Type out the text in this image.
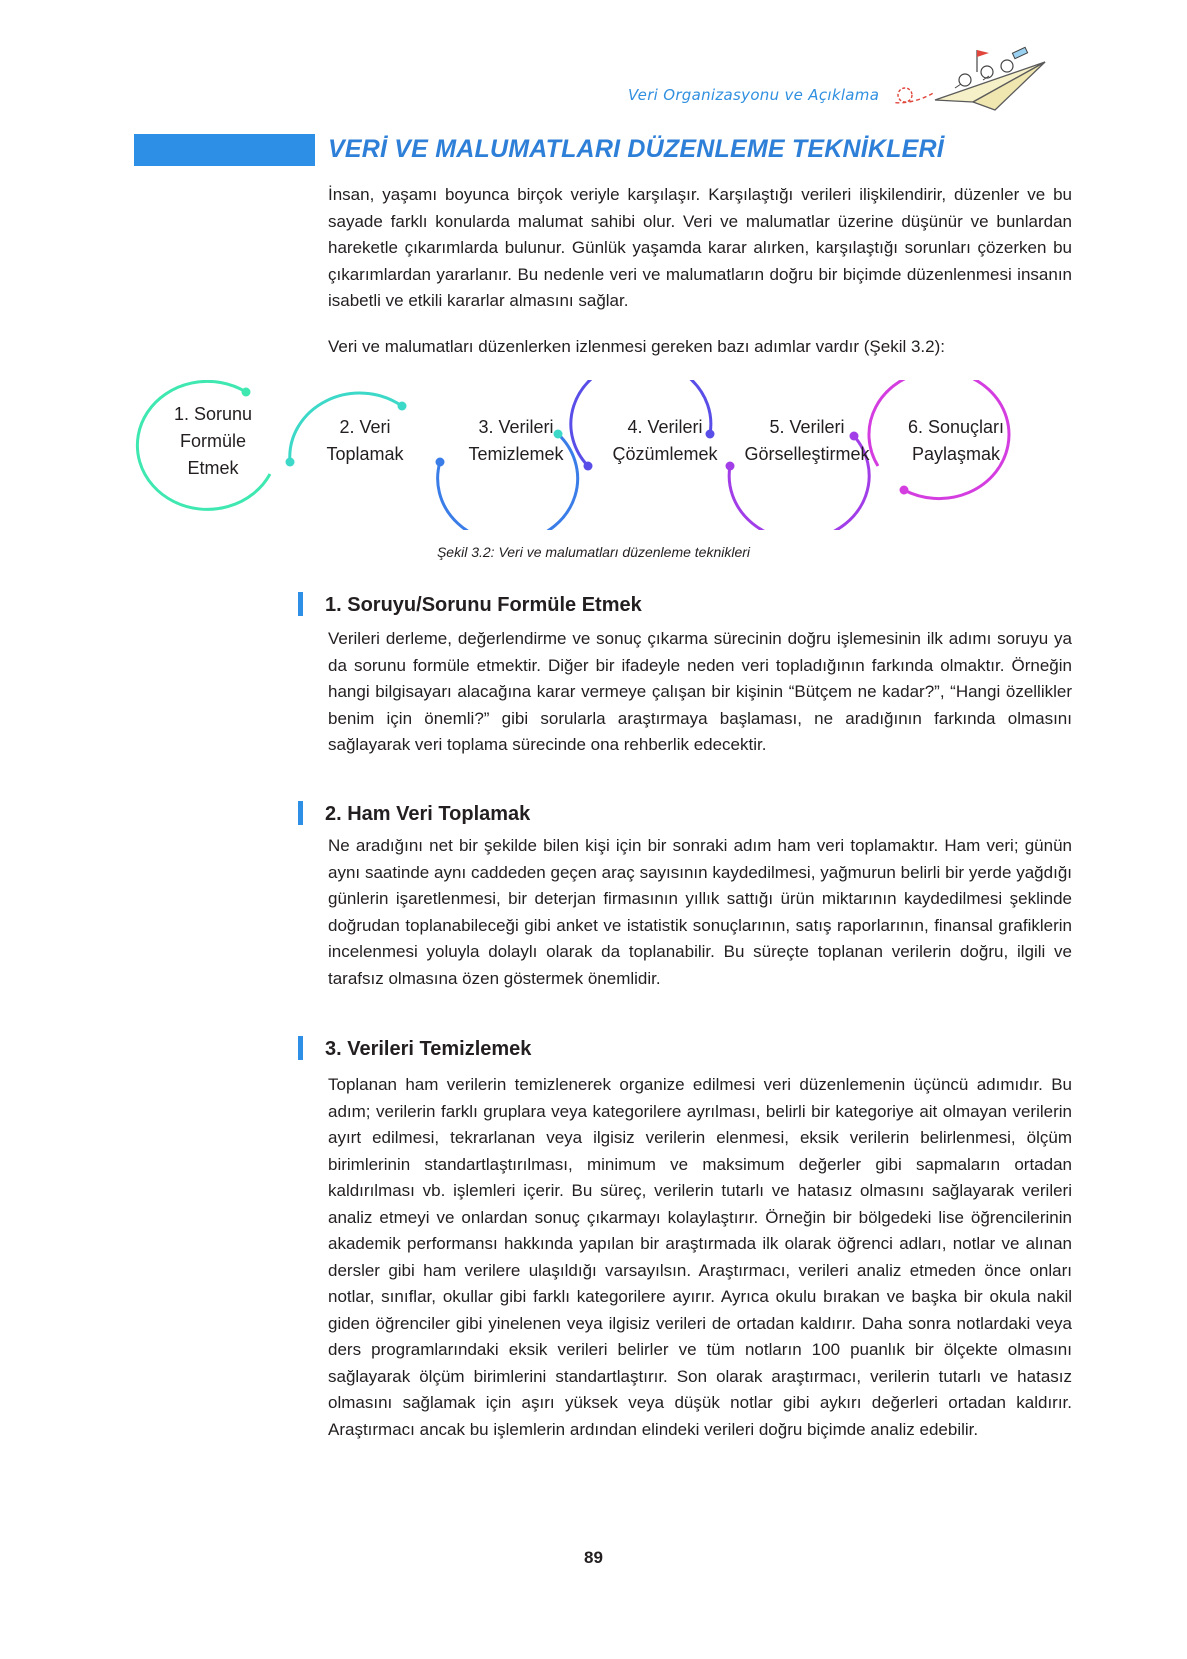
Veri Organizasyonu ve Açıklama
VERİ VE MALUMATLARI DÜZENLEME TEKNİKLERİ
İnsan, yaşamı boyunca birçok veriyle karşılaşır. Karşılaştığı verileri ilişkilendirir, düzenler ve bu sayade farklı konularda malumat sahibi olur. Veri ve malumatlar üzerine düşünür ve bunlardan hareketle çıkarımlarda bulunur. Günlük yaşamda karar alırken, karşılaştığı sorunları çözerken bu çıkarımlardan yararlanır. Bu nedenle veri ve malumatların doğru bir biçimde düzenlenmesi insanın isabetli ve etkili kararlar almasını sağlar.
Veri ve malumatları düzenlerken izlenmesi gereken bazı adımlar vardır (Şekil 3.2):
1. Sorunu
Formüle
Etmek
2. Veri
Toplamak
3. Verileri
Temizlemek
4. Verileri
Çözümlemek
5. Verileri
Görselleştirmek
6. Sonuçları
Paylaşmak
Şekil 3.2: Veri ve malumatları düzenleme teknikleri
1. Soruyu/Sorunu Formüle Etmek
Verileri derleme, değerlendirme ve sonuç çıkarma sürecinin doğru işlemesinin ilk adımı soruyu ya da sorunu formüle etmektir. Diğer bir ifadeyle neden veri topladığının farkında olmaktır. Örneğin hangi bilgisayarı alacağına karar vermeye çalışan bir kişinin “Bütçem ne kadar?”, “Hangi özellikler benim için önemli?” gibi sorularla araştırmaya başlaması, ne aradığının farkında olmasını sağlayarak veri toplama sürecinde ona rehberlik edecektir.
2. Ham Veri Toplamak
Ne aradığını net bir şekilde bilen kişi için bir sonraki adım ham veri toplamaktır. Ham veri; günün aynı saatinde aynı caddeden geçen araç sayısının kaydedilmesi, yağmurun belirli bir yerde yağdığı günlerin işaretlenmesi, bir deterjan firmasının yıllık sattığı ürün miktarının kaydedilmesi şeklinde doğrudan toplanabileceği gibi anket ve istatistik sonuçlarının, satış raporlarının, finansal grafiklerin incelenmesi yoluyla dolaylı olarak da toplanabilir. Bu süreçte toplanan verilerin doğru, ilgili ve tarafsız olmasına özen göstermek önemlidir.
3. Verileri Temizlemek
Toplanan ham verilerin temizlenerek organize edilmesi veri düzenlemenin üçüncü adımıdır. Bu adım; verilerin farklı gruplara veya kategorilere ayrılması, belirli bir kategoriye ait olmayan verilerin ayırt edilmesi, tekrarlanan veya ilgisiz verilerin elenmesi, eksik verilerin belirlenmesi, ölçüm birimlerinin standartlaştırılması, minimum ve maksimum değerler gibi sapmaların ortadan kaldırılması vb. işlemleri içerir. Bu süreç, verilerin tutarlı ve hatasız olmasını sağlayarak verileri analiz etmeyi ve onlardan sonuç çıkarmayı kolaylaştırır. Örneğin bir bölgedeki lise öğrencilerinin akademik performansı hakkında yapılan bir araştırmada ilk olarak öğrenci adları, notlar ve alınan dersler gibi ham verilere ulaşıldığı varsayılsın. Araştırmacı, verileri analiz etmeden önce onları notlar, sınıflar, okullar gibi farklı kategorilere ayırır. Ayrıca okulu bırakan ve başka bir okula nakil giden öğrenciler gibi yinelenen veya ilgisiz verileri de ortadan kaldırır. Daha sonra notlardaki veya ders programlarındaki eksik verileri belirler ve tüm notların 100 puanlık bir ölçekte olmasını sağlayarak ölçüm birimlerini standartlaştırır. Son olarak araştırmacı, verilerin tutarlı ve hatasız olmasını sağlamak için aşırı yüksek veya düşük notlar gibi aykırı değerleri ortadan kaldırır. Araştırmacı ancak bu işlemlerin ardından elindeki verileri doğru biçimde analiz edebilir.
89
